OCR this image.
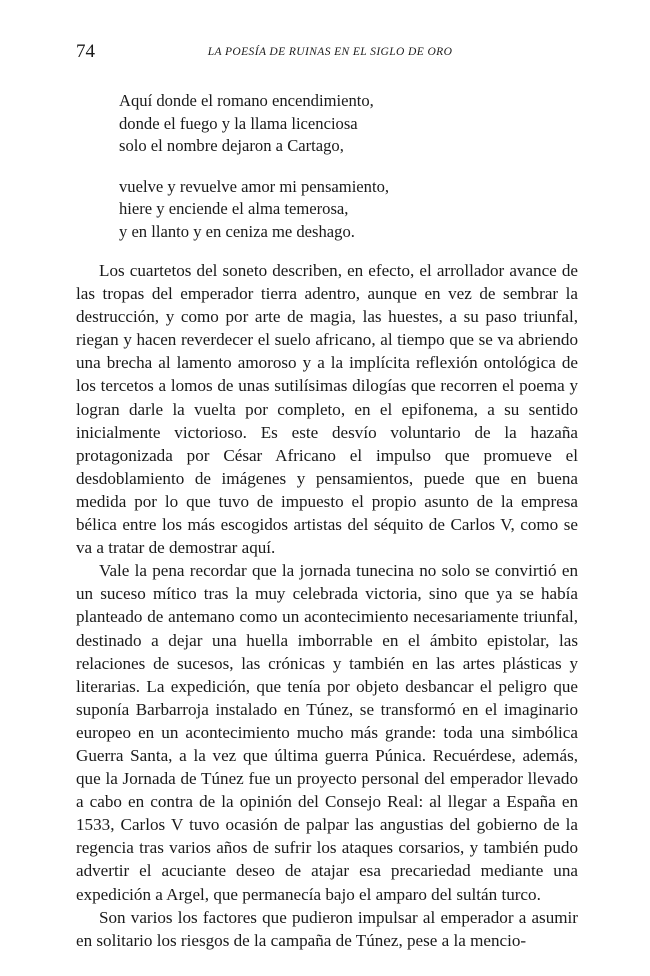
74	LA POESÍA DE RUINAS EN EL SIGLO DE ORO
Aquí donde el romano encendimiento,
donde el fuego y la llama licenciosa
solo el nombre dejaron a Cartago,
vuelve y revuelve amor mi pensamiento,
hiere y enciende el alma temerosa,
y en llanto y en ceniza me deshago.

Los cuartetos del soneto describen, en efecto, el arrollador avance de las tropas del emperador tierra adentro, aunque en vez de sembrar la destrucción, y como por arte de magia, las huestes, a su paso triunfal, riegan y hacen reverdecer el suelo africano, al tiempo que se va abriendo una brecha al lamento amoroso y a la implícita reflexión ontológica de los tercetos a lomos de unas sutilísimas dilogías que recorren el poema y logran darle la vuelta por completo, en el epifonema, a su sentido inicialmente victorioso. Es este desvío voluntario de la hazaña protagonizada por César Africano el impulso que promueve el desdoblamiento de imágenes y pensamientos, puede que en buena medida por lo que tuvo de impuesto el propio asunto de la empresa bélica entre los más escogidos artistas del séquito de Carlos V, como se va a tratar de demostrar aquí.

Vale la pena recordar que la jornada tunecina no solo se convirtió en un suceso mítico tras la muy celebrada victoria, sino que ya se había planteado de antemano como un acontecimiento necesariamente triunfal, destinado a dejar una huella imborrable en el ámbito epistolar, las relaciones de sucesos, las crónicas y también en las artes plásticas y literarias. La expedición, que tenía por objeto desbancar el peligro que suponía Barbarroja instalado en Túnez, se transformó en el imaginario europeo en un acontecimiento mucho más grande: toda una simbólica Guerra Santa, a la vez que última guerra Púnica. Recuérdese, además, que la Jornada de Túnez fue un proyecto personal del emperador llevado a cabo en contra de la opinión del Consejo Real: al llegar a España en 1533, Carlos V tuvo ocasión de palpar las angustias del gobierno de la regencia tras varios años de sufrir los ataques corsarios, y también pudo advertir el acuciante deseo de atajar esa precariedad mediante una expedición a Argel, que permanecía bajo el amparo del sultán turco.

Son varios los factores que pudieron impulsar al emperador a asumir en solitario los riesgos de la campaña de Túnez, pese a la mencio-
